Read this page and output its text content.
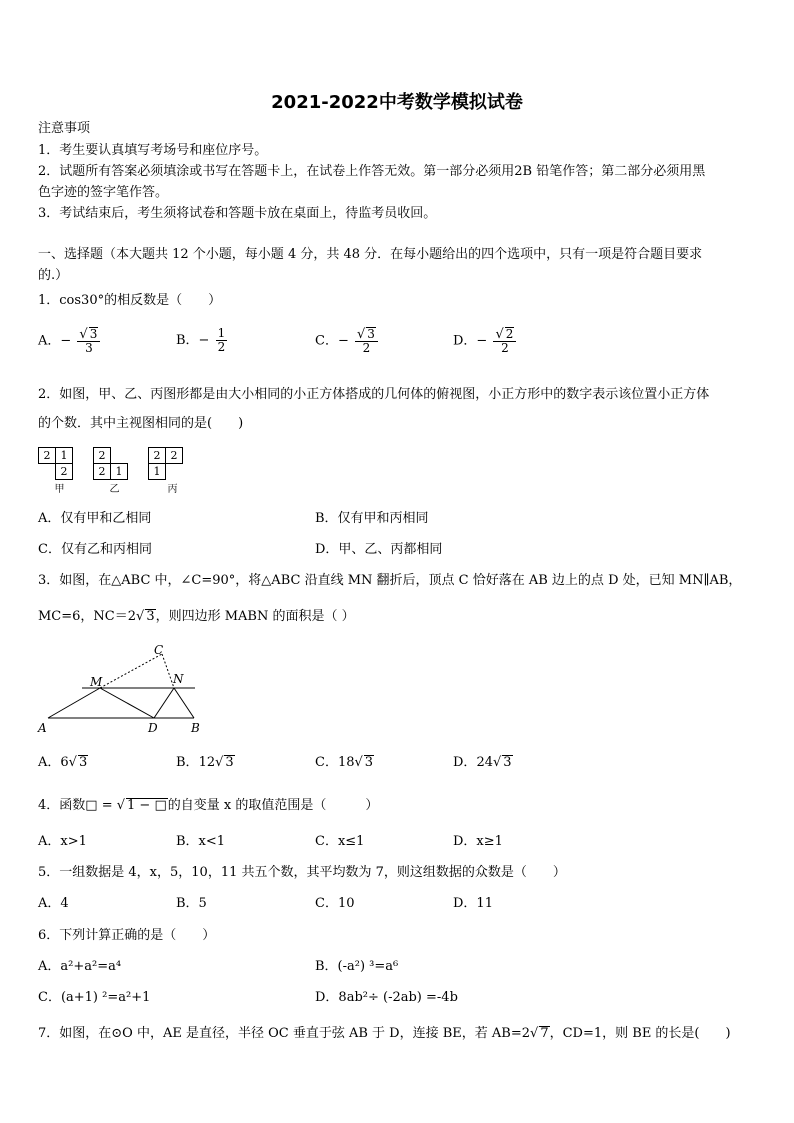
2021-2022中考数学模拟试卷
注意事项
1．考生要认真填写考场号和座位序号。
2．试题所有答案必须填涂或书写在答题卡上，在试卷上作答无效。第一部分必须用2B 铅笔作答；第二部分必须用黑
色字迹的签字笔作答。
3．考试结束后，考生须将试卷和答题卡放在桌面上，待监考员收回。
一、选择题（本大题共 12 个小题，每小题 4 分，共 48 分．在每小题给出的四个选项中，只有一项是符合题目要求
的.）
1．cos30°的相反数是（　　）
A．− $\frac{√ 3}{3}$	B．− $\frac{1}{2}$	C．− $\frac{√ 3}{2}$	D．− $\frac{√ 2}{2}$
2．如图，甲、乙、丙图形都是由大小相同的小正方体搭成的几何体的俯视图，小正方形中的数字表示该位置小正方体
的个数．其中主视图相同的是(　　)
2	1
	2
甲
2	
2	1
乙
2	2
1	
丙
A．仅有甲和乙相同	B．仅有甲和丙相同
C．仅有乙和丙相同	D．甲、乙、丙都相同
3．如图，在△ABC 中，∠C=90°，将△ABC 沿直线 MN 翻折后，顶点 C 恰好落在 AB 边上的点 D 处，已知 MN∥AB，
MC=6，NC＝2√ 3，则四边形 MABN 的面积是（ ）
C
M	N
A	D	B
A．6√ 3	B．12√ 3	C．18√ 3	D．24√ 3
4．函数□ = √ 1 − □的自变量 x 的取值范围是（　　　）
A．x>1	B．x<1	C．x≤1	D．x≥1
5．一组数据是 4，x，5，10，11 共五个数，其平均数为 7，则这组数据的众数是（　　）
A．4	B．5	C．10	D．11
6．下列计算正确的是（　　）
A．a²+a²=a⁴	B．(-a²) ³=a⁶
C．(a+1) ²=a²+1	D．8ab²÷ (-2ab) =-4b
7．如图，在⊙O 中，AE 是直径，半径 OC 垂直于弦 AB 于 D，连接 BE，若 AB=2√ 7，CD=1，则 BE 的长是(　　)
